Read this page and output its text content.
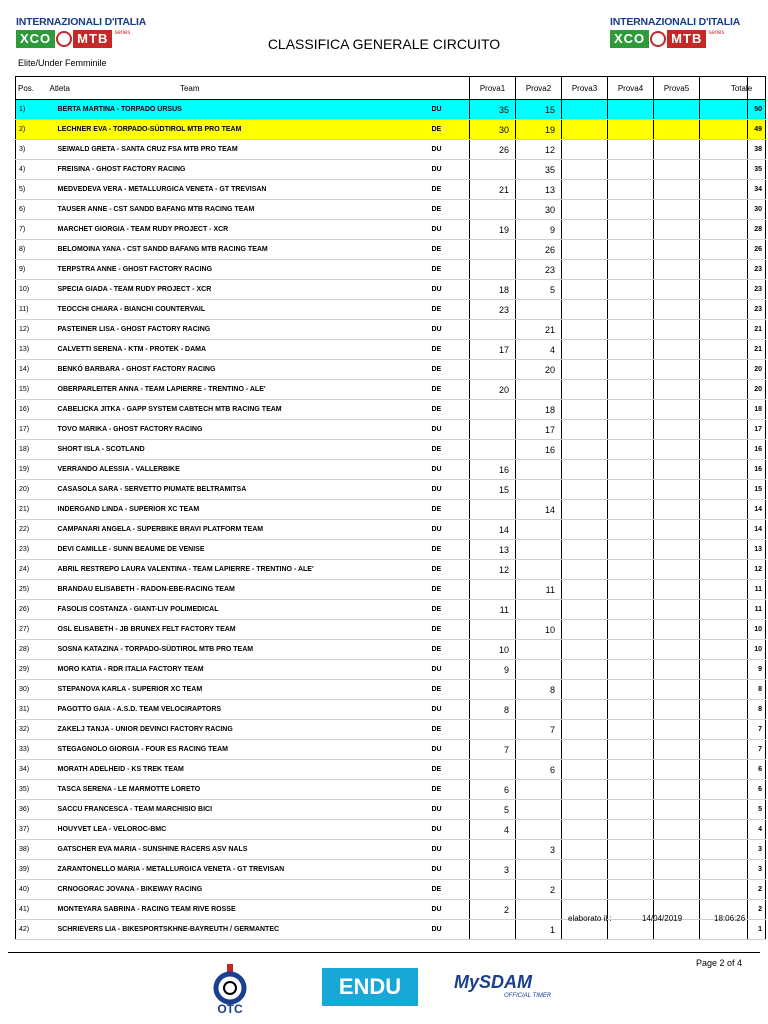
INTERNAZIONALI D'ITALIA
XCO	MTB	series
INTERNAZIONALI D'ITALIA
XCO	MTB	series
CLASSIFICA GENERALE CIRCUITO
Elite/Under Femminile
Pos.	Atleta Team			Prova1	Prova2	Prova3	Prova4	Prova5		Totale
1)	BERTA MARTINA - TORPADO URSUS		DU	35	15					50
2)	LECHNER EVA - TORPADO-SÜDTIROL MTB PRO TEAM		DE	30	19					49
3)	SEIWALD GRETA - SANTA CRUZ FSA MTB PRO TEAM		DU	26	12					38
4)	FREISINA - GHOST FACTORY RACING		DU		35					35
5)	MEDVEDEVA VERA - METALLURGICA VENETA - GT TREVISAN		DE	21	13					34
6)	TAUSER ANNE - CST SANDD BAFANG MTB RACING TEAM		DE		30					30
7)	MARCHET GIORGIA - TEAM RUDY PROJECT - XCR		DU	19	9					28
8)	BELOMOINA YANA - CST SANDD BAFANG MTB RACING TEAM		DE		26					26
9)	TERPSTRA ANNE - GHOST FACTORY RACING		DE		23					23
10)	SPECIA GIADA - TEAM RUDY PROJECT - XCR		DU	18	5					23
11)	TEOCCHI CHIARA - BIANCHI COUNTERVAIL		DE	23						23
12)	PASTEINER LISA - GHOST FACTORY RACING		DU		21					21
13)	CALVETTI SERENA - KTM - PROTEK - DAMA		DE	17	4					21
14)	BENKÓ BARBARA - GHOST FACTORY RACING		DE		20					20
15)	OBERPARLEITER ANNA - TEAM LAPIERRE - TRENTINO - ALE'		DE	20						20
16)	CABELICKA JITKA - GAPP SYSTEM CABTECH MTB RACING TEAM		DE		18					18
17)	TOVO MARIKA - GHOST FACTORY RACING		DU		17					17
18)	SHORT ISLA - SCOTLAND		DE		16					16
19)	VERRANDO ALESSIA - VALLERBIKE		DU	16						16
20)	CASASOLA SARA - SERVETTO PIUMATE BELTRAMITSA		DU	15						15
21)	INDERGAND LINDA - SUPERIOR XC TEAM		DE		14					14
22)	CAMPANARI ANGELA - SUPERBIKE BRAVI PLATFORM TEAM		DU	14						14
23)	DEVI CAMILLE - SUNN BEAUME DE VENISE		DE	13						13
24)	ABRIL RESTREPO LAURA VALENTINA - TEAM LAPIERRE - TRENTINO - ALE'		DE	12						12
25)	BRANDAU ELISABETH - RADON-EBE-RACING TEAM		DE		11					11
26)	FASOLIS COSTANZA - GIANT-LIV POLIMEDICAL		DE	11						11
27)	OSL ELISABETH - JB BRUNEX FELT FACTORY TEAM		DE		10					10
28)	SOSNA KATAZINA - TORPADO-SÜDTIROL MTB PRO TEAM		DE	10						10
29)	MORO KATIA - RDR ITALIA FACTORY TEAM		DU	9						9
30)	STEPANOVA KARLA - SUPERIOR XC TEAM		DE		8					8
31)	PAGOTTO GAIA - A.S.D. TEAM VELOCIRAPTORS		DU	8						8
32)	ZAKELJ TANJA - UNIOR DEVINCI FACTORY RACING		DE		7					7
33)	STEGAGNOLO GIORGIA - FOUR ES RACING TEAM		DU	7						7
34)	MORATH ADELHEID - KS TREK TEAM		DE		6					6
35)	TASCA SERENA - LE MARMOTTE LORETO		DE	6						6
36)	SACCU FRANCESCA - TEAM MARCHISIO BICI		DU	5						5
37)	HOUYVET LEA - VELOROC-BMC		DU	4						4
38)	GATSCHER EVA MARIA - SUNSHINE RACERS ASV NALS		DU		3					3
39)	ZARANTONELLO MARIA - METALLURGICA VENETA - GT TREVISAN		DU	3						3
40)	CRNOGORAC JOVANA - BIKEWAY RACING		DE		2					2
41)	MONTEYARA SABRINA - RACING TEAM RIVE ROSSE		DU	2						2
42)	SCHRIEVERS LIA - BIKESPORTSKHNE-BAYREUTH / GERMANTEC		DU		1					1
elaborato il :	14/04/2019	18:06:26
Page 2 of 4
OTC
ENDU	MySDAM
OFFICIAL TIMER
